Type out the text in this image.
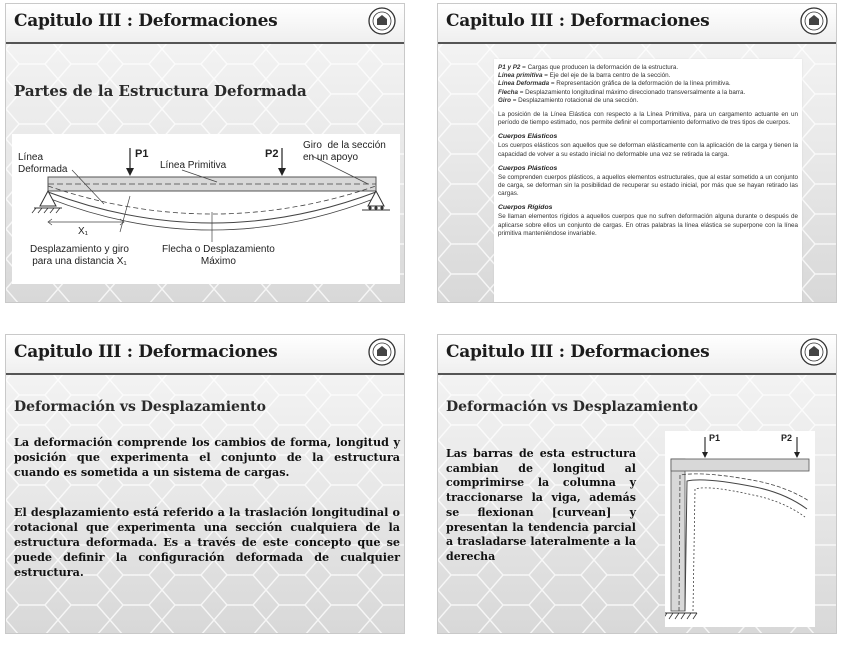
Capitulo III : Deformaciones
Partes de la Estructura Deformada
Línea
Deformada
P1	P2
Línea Primitiva
Giro  de la sección
en un apoyo
X₁
Desplazamiento y giro
para una distancia X₁
Flecha o Desplazamiento
Máximo
Capitulo III : Deformaciones

P1 y P2 = Cargas que producen la deformación de la estructura.

Línea primitiva = Eje del eje de la barra centro de la sección.

Línea Deformada = Representación gráfica de la deformación de la línea primitiva.

Flecha = Desplazamiento longitudinal máximo direccionado transversalmente a la barra.

Giro = Desplazamiento rotacional de una sección.

La posición de la Línea Elástica con respecto a la Línea Primitiva, para un cargamento actuante en un período de tiempo estimado, nos permite definir el comportamiento deformativo de tres tipos de cuerpos.

Cuerpos Elásticos

Los cuerpos elásticos son aquellos que se deforman elásticamente con la aplicación de la carga y tienen la capacidad de volver a su estado inicial no deformable una vez se retirada la carga.

Cuerpos Plásticos

Se comprenden cuerpos plásticos, a aquellos elementos estructurales, que al estar sometido a un conjunto de carga, se deforman sin la posibilidad de recuperar su estado inicial, por más que se hayan retirado las cargas.

Cuerpos Rígidos

Se llaman elementos rígidos a aquellos cuerpos que no sufren deformación alguna durante o después de aplicarse sobre ellos un conjunto de cargas. En otras palabras la línea elástica se superpone con la línea primitiva manteniéndose invariable.

Capitulo III : Deformaciones
Deformación vs Desplazamiento
La deformación comprende los cambios de forma, longitud y posición que experimenta el conjunto de la estructura cuando es sometida a un sistema de cargas.
El desplazamiento está referido a la traslación longitudinal o rotacional que experimenta una sección cualquiera de la estructura deformada. Es a través de este concepto que se puede definir la configuración deformada de cualquier estructura.
Capitulo III : Deformaciones
Deformación vs Desplazamiento
Las barras de esta estructura cambian de longitud al comprimirse la columna y traccionarse la viga, además se flexionan [curvean] y presentan la tendencia parcial a trasladarse lateralmente a la derecha
P1	P2
